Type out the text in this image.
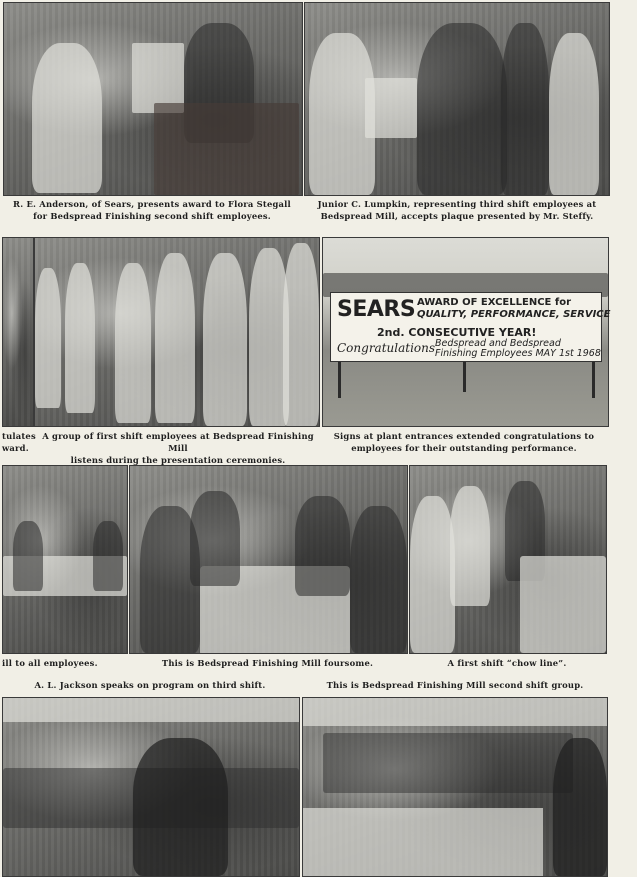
R. E. Anderson, of Sears, presents award to Flora Stegall
for Bedspread Finishing second shift employees.
Junior C. Lumpkin, representing third shift employees at
Bedspread Mill, accepts plaque presented by Mr. Steffy.
SEARS AWARD OF EXCELLENCE for
QUALITY, PERFORMANCE, SERVICE
2nd. CONSECUTIVE YEAR!
Congratulations Bedspread and Bedspread
Finishing Employees MAY 1st 1968
tulates
ward.
A group of first shift employees at Bedspread Finishing Mill
listens during the presentation ceremonies.
Signs at plant entrances extended congratulations to
employees for their outstanding performance.
ill to all employees.	This is Bedspread Finishing Mill foursome.	A first shift “chow line”.
A. L. Jackson speaks on program on third shift.	This is Bedspread Finishing Mill second shift group.
